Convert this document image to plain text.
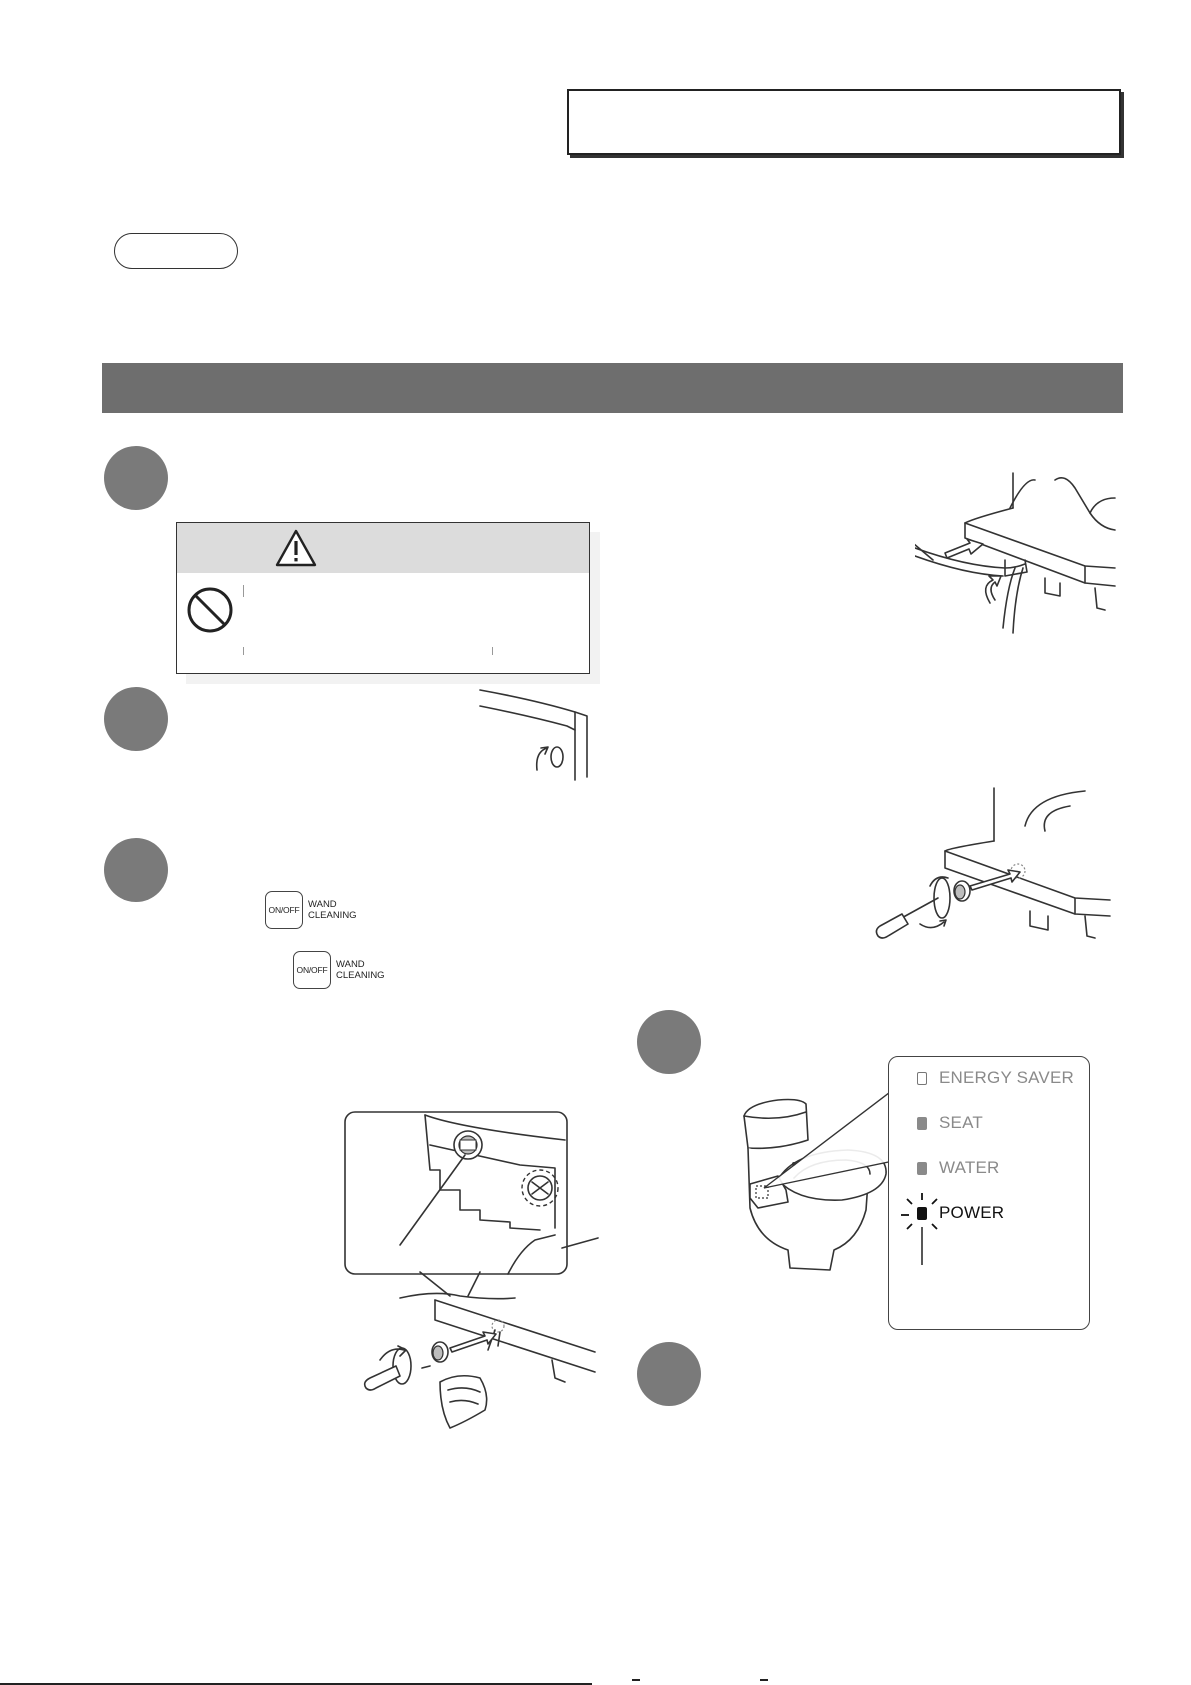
ON/OFF WAND
CLEANING
ON/OFF WAND
CLEANING
ENERGY SAVER
SEAT
WATER
POWER
